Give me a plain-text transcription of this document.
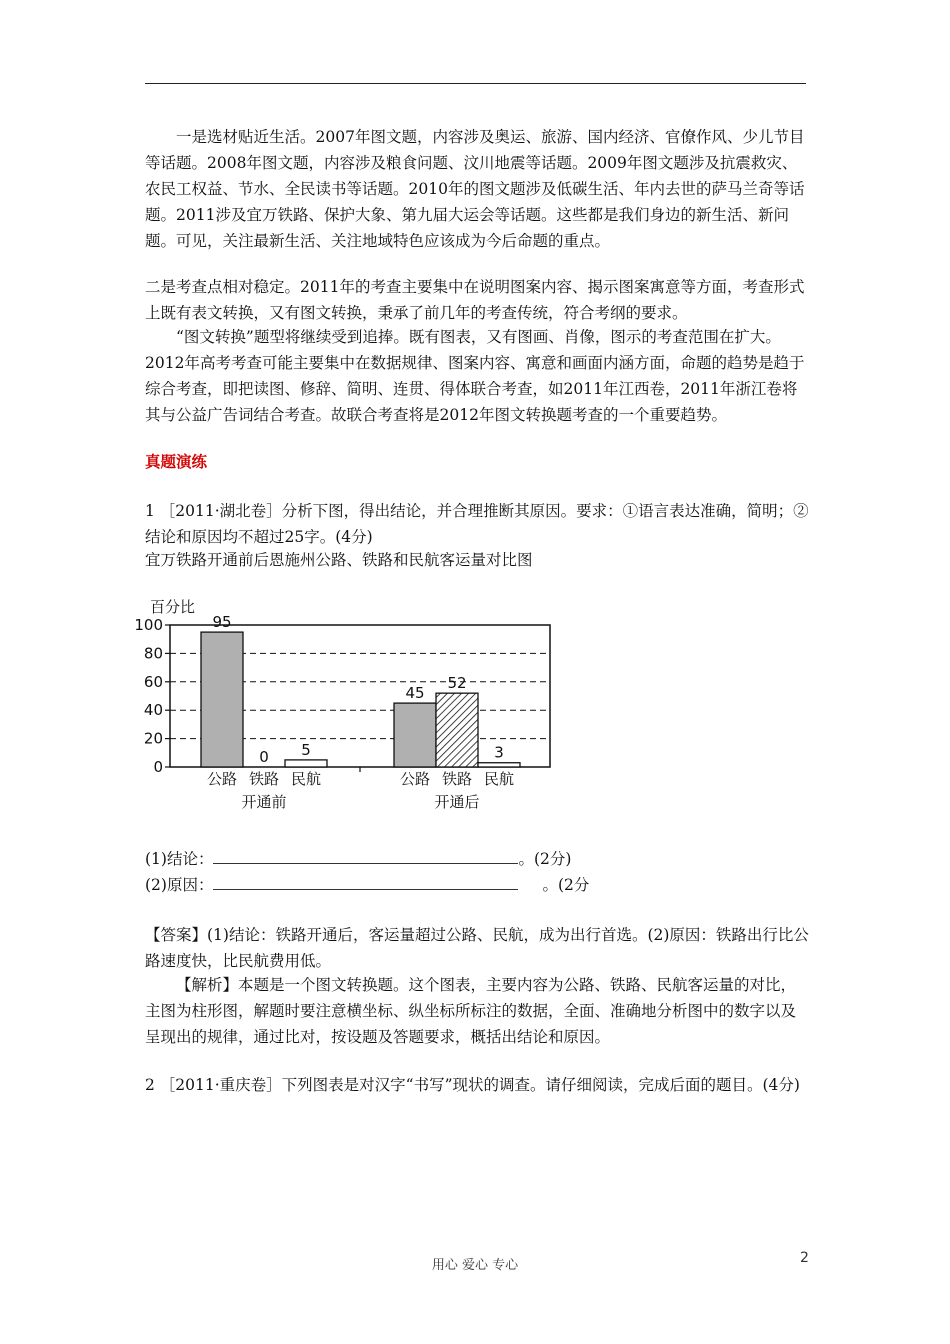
一是选材贴近生活。2007年图文题，内容涉及奥运、旅游、国内经济、官僚作风、少儿节目等话题。2008年图文题，内容涉及粮食问题、汶川地震等话题。2009年图文题涉及抗震救灾、农民工权益、节水、全民读书等话题。2010年的图文题涉及低碳生活、年内去世的萨马兰奇等话题。2011涉及宜万铁路、保护大象、第九届大运会等话题。这些都是我们身边的新生活、新问题。可见，关注最新生活、关注地域特色应该成为今后命题的重点。

二是考查点相对稳定。2011年的考查主要集中在说明图案内容、揭示图案寓意等方面，考查形式上既有表文转换，又有图文转换，秉承了前几年的考查传统，符合考纲的要求。

“图文转换”题型将继续受到追捧。既有图表，又有图画、肖像，图示的考查范围在扩大。2012年高考考查可能主要集中在数据规律、图案内容、寓意和画面内涵方面，命题的趋势是趋于综合考查，即把读图、修辞、简明、连贯、得体联合考查，如2011年江西卷，2011年浙江卷将其与公益广告词结合考查。故联合考查将是2012年图文转换题考查的一个重要趋势。

真题演练

1 ［2011·湖北卷］分析下图，得出结论，并合理推断其原因。要求：①语言表达准确，简明；②结论和原因均不超过25字。(4分)

宜万铁路开通前后恩施州公路、铁路和民航客运量对比图
百分比
0
20
40
60
80
100	95
0 5
45
52
3
公路 铁路 民航
开通前
公路 铁路 民航
开通后
(1)结论：	。(2分)
(2)原因：	。(2分

【答案】(1)结论：铁路开通后，客运量超过公路、民航，成为出行首选。(2)原因：铁路出行比公路速度快，比民航费用低。

【解析】本题是一个图文转换题。这个图表，主要内容为公路、铁路、民航客运量的对比，主图为柱形图，解题时要注意横坐标、纵坐标所标注的数据，全面、准确地分析图中的数字以及呈现出的规律，通过比对，按设题及答题要求，概括出结论和原因。

2 ［2011·重庆卷］下列图表是对汉字“书写”现状的调查。请仔细阅读，完成后面的题目。(4分)

用心 爱心 专心	2
